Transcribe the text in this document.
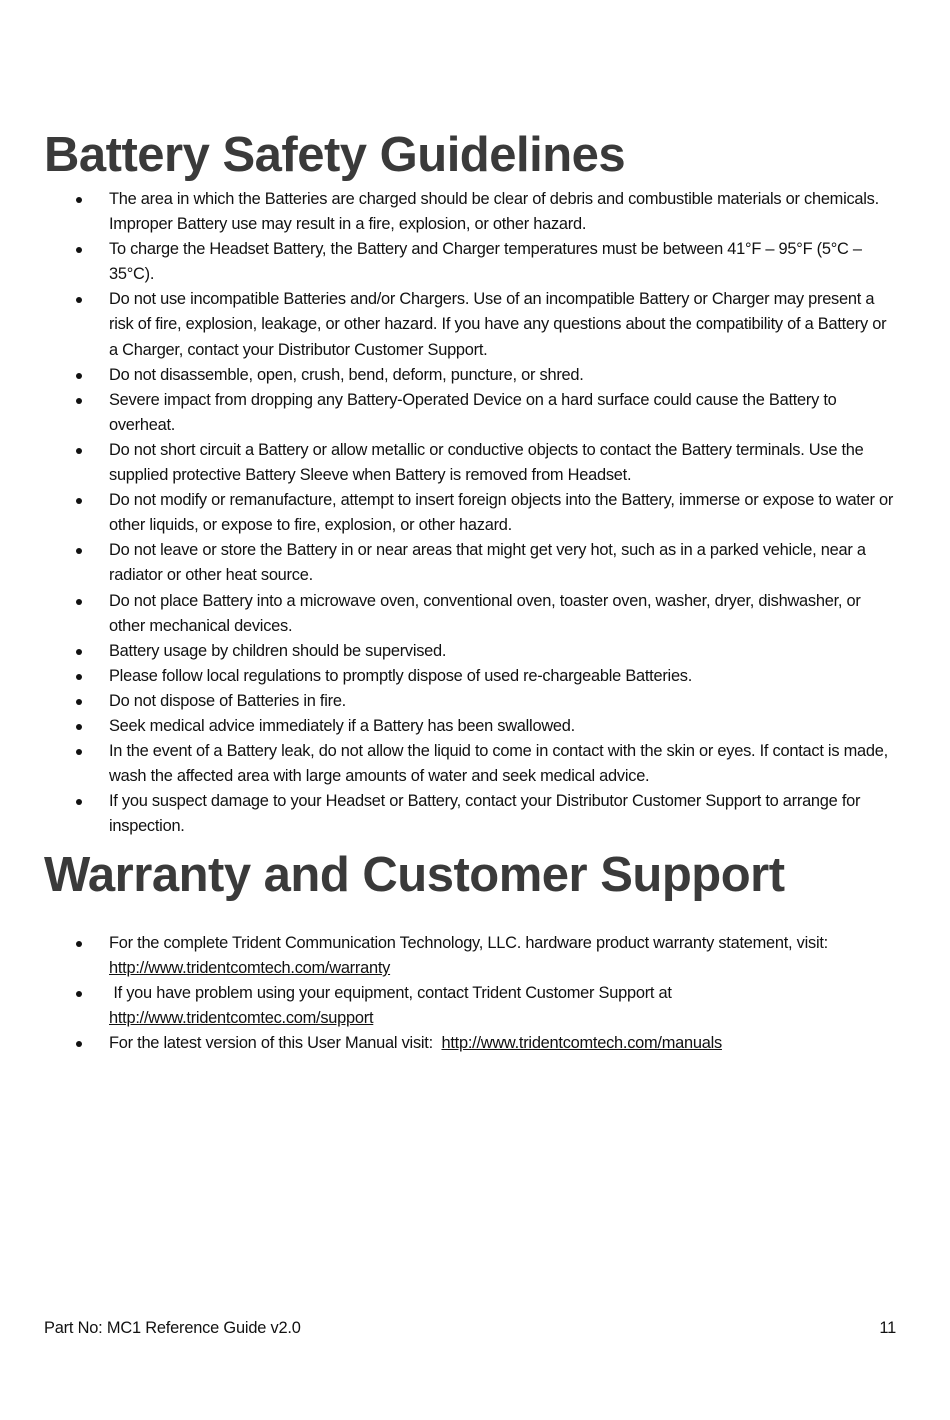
Battery Safety Guidelines
The area in which the Batteries are charged should be clear of debris and combustible materials or chemicals. Improper Battery use may result in a fire, explosion, or other hazard.
To charge the Headset Battery, the Battery and Charger temperatures must be between 41°F – 95°F (5°C – 35°C).
Do not use incompatible Batteries and/or Chargers. Use of an incompatible Battery or Charger may present a risk of fire, explosion, leakage, or other hazard. If you have any questions about the compatibility of a Battery or a Charger, contact your Distributor Customer Support.
Do not disassemble, open, crush, bend, deform, puncture, or shred.
Severe impact from dropping any Battery-Operated Device on a hard surface could cause the Battery to overheat.
Do not short circuit a Battery or allow metallic or conductive objects to contact the Battery terminals. Use the supplied protective Battery Sleeve when Battery is removed from Headset.
Do not modify or remanufacture, attempt to insert foreign objects into the Battery, immerse or expose to water or other liquids, or expose to fire, explosion, or other hazard.
Do not leave or store the Battery in or near areas that might get very hot, such as in a parked vehicle, near a radiator or other heat source.
Do not place Battery into a microwave oven, conventional oven, toaster oven, washer, dryer, dishwasher, or other mechanical devices.
Battery usage by children should be supervised.
Please follow local regulations to promptly dispose of used re-chargeable Batteries.
Do not dispose of Batteries in fire.
Seek medical advice immediately if a Battery has been swallowed.
In the event of a Battery leak, do not allow the liquid to come in contact with the skin or eyes. If contact is made, wash the affected area with large amounts of water and seek medical advice.
If you suspect damage to your Headset or Battery, contact your Distributor Customer Support to arrange for inspection.
Warranty and Customer Support
For the complete Trident Communication Technology, LLC. hardware product warranty statement, visit:  http://www.tridentcomtech.com/warranty
If you have problem using your equipment, contact Trident Customer Support at http://www.tridentcomtec.com/support
For the latest version of this User Manual visit:  http://www.tridentcomtech.com/manuals
Part No: MC1 Reference Guide v2.0	11
